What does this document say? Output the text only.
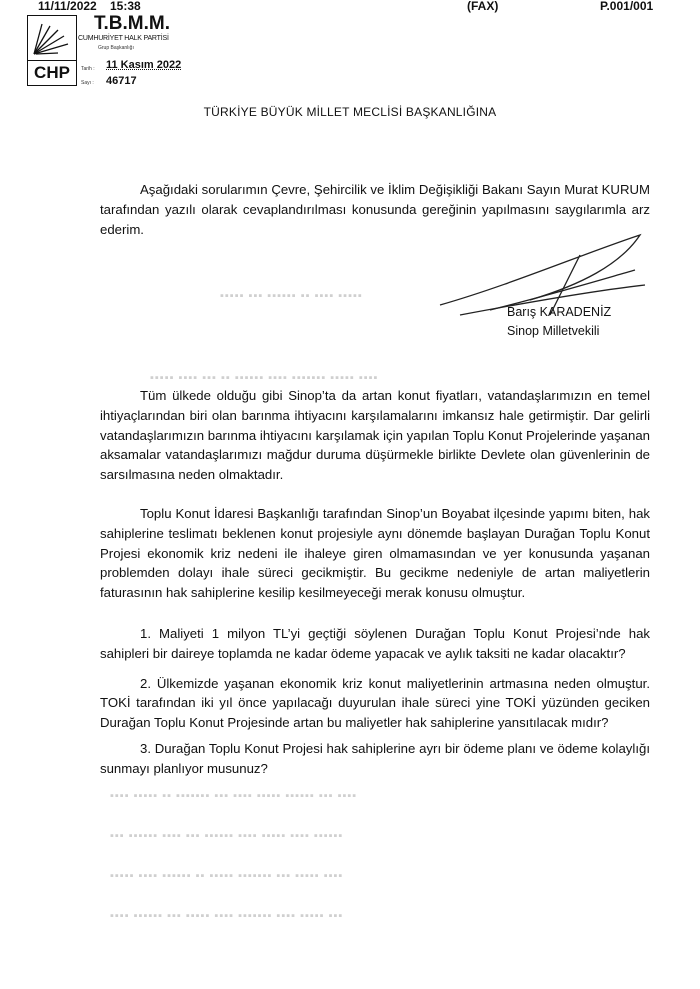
11/11/2022 15:38	(FAX)	P.001/001
CHP
T.B.M.M.
CUMHURİYET HALK PARTİSİ
Grup Başkanlığı
Tarih : 11 Kasım 2022
Sayı : 46717
TÜRKİYE BÜYÜK MİLLET MECLİSİ BAŞKANLIĞINA

Aşağıdaki sorularımın Çevre, Şehircilik ve İklim Değişikliği Bakanı Sayın Murat KURUM tarafından yazılı olarak cevaplandırılması konusunda gereğinin yapılmasını saygılarımla arz ederim.

▪▪▪▪▪ ▪▪▪ ▪▪▪▪▪▪ ▪▪ ▪▪▪▪ ▪▪▪▪▪
Barış KARADENİZ
Sinop Milletvekili
▪▪▪▪▪ ▪▪▪▪ ▪▪▪ ▪▪ ▪▪▪▪▪▪ ▪▪▪▪ ▪▪▪▪▪▪▪ ▪▪▪▪▪ ▪▪▪▪

Tüm ülkede olduğu gibi Sinop’ta da artan konut fiyatları, vatandaşlarımızın en temel ihtiyaçlarından biri olan barınma ihtiyacını karşılamalarını imkansız hale getirmiştir. Dar gelirli vatandaşlarımızın barınma ihtiyacını karşılamak için yapılan Toplu Konut Projelerinde yaşanan aksamalar vatandaşlarımızı mağdur duruma düşürmekle birlikte Devlete olan güvenlerinin de sarsılmasına neden olmaktadır.

Toplu Konut İdaresi Başkanlığı tarafından Sinop’un Boyabat ilçesinde yapımı biten, hak sahiplerine teslimatı beklenen konut projesiyle aynı dönemde başlayan Durağan Toplu Konut Projesi ekonomik kriz nedeni ile ihaleye giren olmamasından ve yer konusunda yaşanan problemden dolayı ihale süreci gecikmiştir. Bu gecikme nedeniyle de artan maliyetlerin faturasının hak sahiplerine kesilip kesilmeyeceği merak konusu olmuştur.

1. Maliyeti 1 milyon TL’yi geçtiği söylenen Durağan Toplu Konut Projesi’nde hak sahipleri bir daireye toplamda ne kadar ödeme yapacak ve aylık taksiti ne kadar olacaktır?

2. Ülkemizde yaşanan ekonomik kriz konut maliyetlerinin artmasına neden olmuştur. TOKİ tarafından iki yıl önce yapılacağı duyurulan ihale süreci yine TOKİ yüzünden geciken Durağan Toplu Konut Projesinde artan bu maliyetler hak sahiplerine yansıtılacak mıdır?

3. Durağan Toplu Konut Projesi hak sahiplerine ayrı bir ödeme planı ve ödeme kolaylığı sunmayı planlıyor musunuz?

▪▪▪▪ ▪▪▪▪▪ ▪▪ ▪▪▪▪▪▪▪ ▪▪▪ ▪▪▪▪ ▪▪▪▪▪ ▪▪▪▪▪▪ ▪▪▪ ▪▪▪▪
▪▪▪ ▪▪▪▪▪▪ ▪▪▪▪ ▪▪▪ ▪▪▪▪▪▪ ▪▪▪▪ ▪▪▪▪▪ ▪▪▪▪ ▪▪▪▪▪▪
▪▪▪▪▪ ▪▪▪▪ ▪▪▪▪▪▪ ▪▪ ▪▪▪▪▪ ▪▪▪▪▪▪▪ ▪▪▪ ▪▪▪▪▪ ▪▪▪▪
▪▪▪▪ ▪▪▪▪▪▪ ▪▪▪ ▪▪▪▪▪ ▪▪▪▪ ▪▪▪▪▪▪▪ ▪▪▪▪ ▪▪▪▪▪ ▪▪▪
